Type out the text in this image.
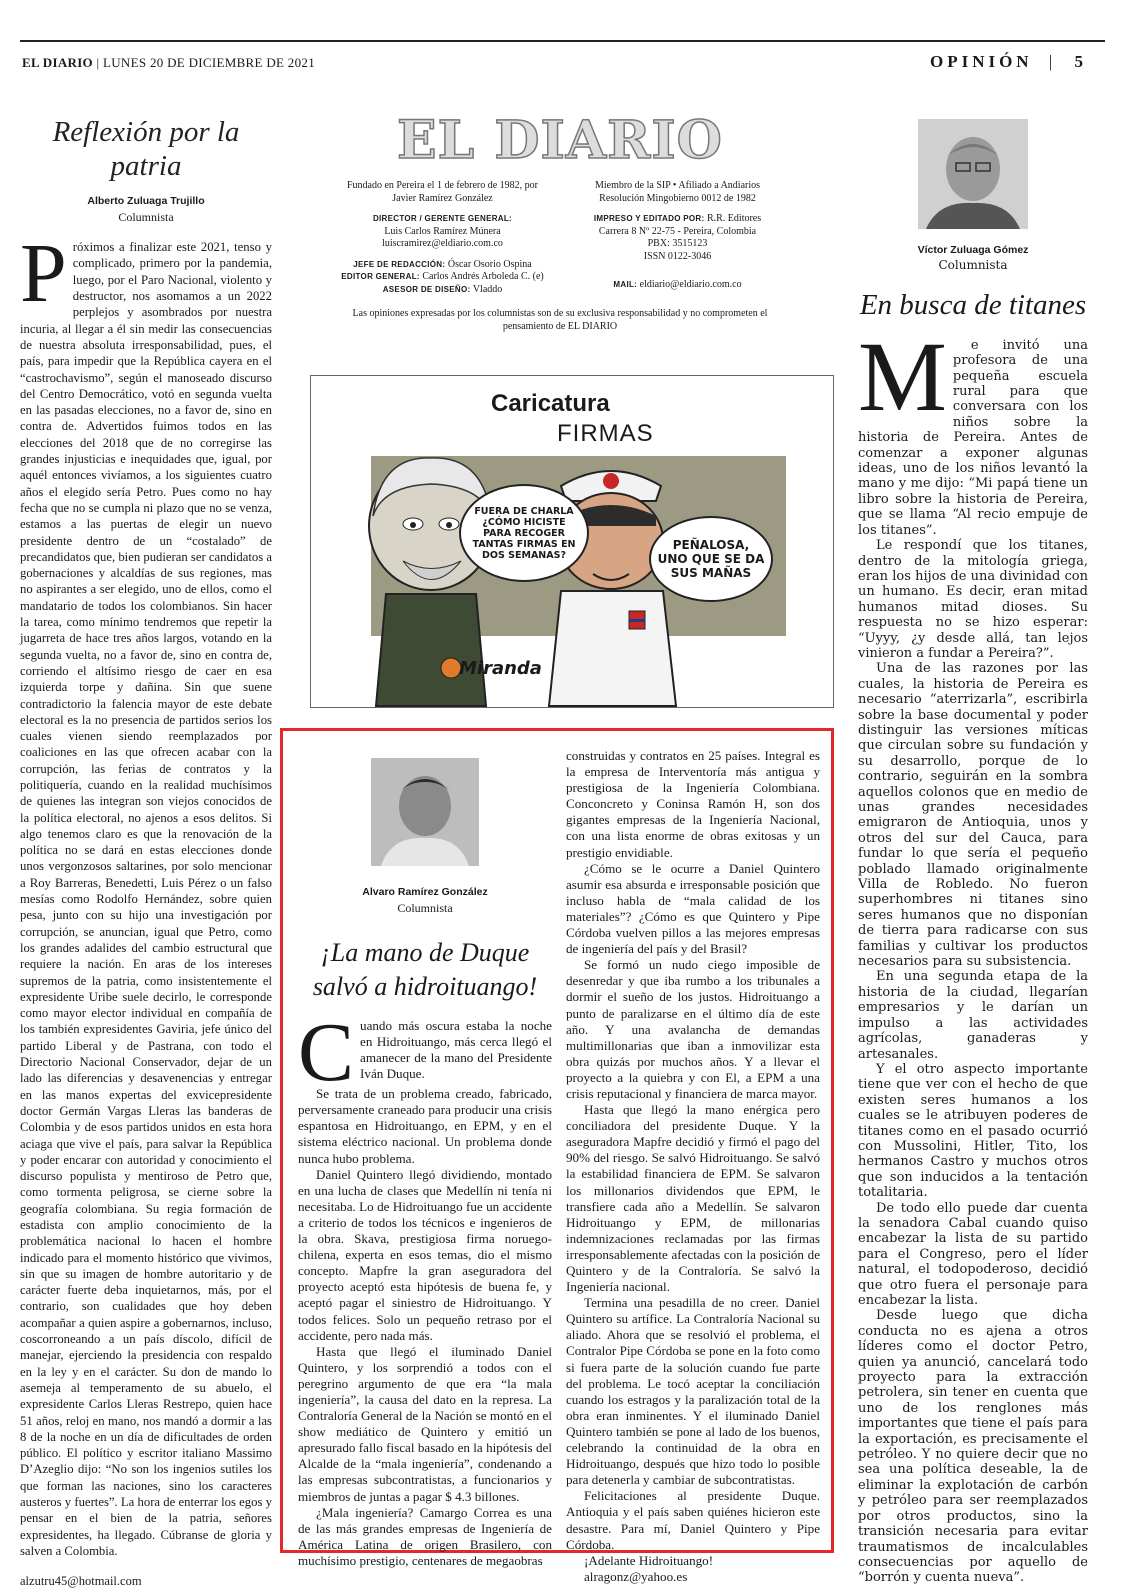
EL DIARIO | LUNES 20 DE DICIEMBRE DE 2021	OPINIÓN | 5
Reflexión por la patria
Alberto Zuluaga Trujillo
Columnista
P róximos a finalizar este 2021, tenso y complicado, primero por la pandemia, luego, por el Paro Nacional, violento y destructor, nos asomamos a un 2022 perplejos y asombrados por nuestra incuria, al llegar a él sin medir las consecuencias de nuestra absoluta irresponsabilidad, pues, el país, para impedir que la República cayera en el “castrochavismo”, según el manoseado discurso del Centro Democrático, votó en segunda vuelta en las pasadas elecciones, no a favor de, sino en contra de. Advertidos fuimos todos en las elecciones del 2018 que de no corregirse las grandes injusticias e inequidades que, igual, por aquél entonces vivíamos, a los siguientes cuatro años el elegido sería Petro. Pues como no hay fecha que no se cumpla ni plazo que no se venza, estamos a las puertas de elegir un nuevo presidente dentro de un “costalado” de precandidatos que, bien pudieran ser candidatos a gobernaciones y alcaldías de sus regiones, mas no aspirantes a ser elegido, uno de ellos, como el mandatario de todos los colombianos. Sin hacer la tarea, como mínimo tendremos que repetir la jugarreta de hace tres años largos, votando en la segunda vuelta, no a favor de, sino en contra de, corriendo el altísimo riesgo de caer en esa izquierda torpe y dañina. Sin que suene contradictorio la falencia mayor de este debate electoral es la no presencia de partidos serios los cuales vienen siendo reemplazados por coaliciones en las que ofrecen acabar con la corrupción, las ferias de contratos y la politiquería, cuando en la realidad muchísimos de quienes las integran son viejos conocidos de la política electoral, no ajenos a esos delitos. Si algo tenemos claro es que la renovación de la política no se dará en estas elecciones donde unos vergonzosos saltarines, por solo mencionar a Roy Barreras, Benedetti, Luis Pérez o un falso mesías como Rodolfo Hernández, sobre quien pesa, junto con su hijo una investigación por corrupción, se anuncian, igual que Petro, como los grandes adalides del cambio estructural que requiere la nación. En aras de los intereses supremos de la patria, como insistentemente el expresidente Uribe suele decirlo, le corresponde como mayor elector individual en compañía de los también expresidentes Gaviria, jefe único del partido Liberal y de Pastrana, con todo el Directorio Nacional Conservador, dejar de un lado las diferencias y desavenencias y entregar en las manos expertas del exvicepresidente doctor Germán Vargas Lleras las banderas de Colombia y de esos partidos unidos en esta hora aciaga que vive el país, para salvar la República y poder encarar con autoridad y conocimiento el discurso populista y mentiroso de Petro que, como tormenta peligrosa, se cierne sobre la geografía colombiana. Su regia formación de estadista con amplio conocimiento de la problemática nacional lo hacen el hombre indicado para el momento histórico que vivimos, sin que su imagen de hombre autoritario y de carácter fuerte deba inquietarnos, más, por el contrario, son cualidades que hoy deben acompañar a quien aspire a gobernarnos, incluso, coscorroneando a un país díscolo, difícil de manejar, ejerciendo la presidencia con respaldo en la ley y en el carácter. Su don de mando lo asemeja al temperamento de su abuelo, el expresidente Carlos Lleras Restrepo, quien hace 51 años, reloj en mano, nos mandó a dormir a las 8 de la noche en un día de dificultades de orden público. El político y escritor italiano Massimo D’Azeglio dijo: “No son los ingenios sutiles los que forman las naciones, sino los caracteres austeros y fuertes”. La hora de enterrar los egos y pensar en el bien de la patria, señores expresidentes, ha llegado. Cúbranse de gloria y salven a Colombia.

alzutru45@hotmail.com
EL DIARIO
Fundado en Pereira el 1 de febrero de 1982, por Javier Ramírez González
DIRECTOR / GERENTE GENERAL:
Luis Carlos Ramírez Múnera
luiscramirez@eldiario.com.co
JEFE DE REDACCIÓN: Óscar Osorio Ospina
EDITOR GENERAL: Carlos Andrés Arboleda C. (e)
ASESOR DE DISEÑO: Vladdo
Miembro de la SIP • Afiliado a Andiarios Resolución Mingobierno 0012 de 1982
IMPRESO Y EDITADO POR: R.R. Editores
Carrera 8 Nº 22-75 - Pereira, Colombia
PBX: 3515123
ISSN 0122-3046
MAIL: eldiario@eldiario.com.co
Las opiniones expresadas por los columnistas son de su exclusiva responsabilidad y no comprometen el pensamiento de EL DIARIO
Caricatura
FIRMAS
FUERA DE CHARLA ¿CÓMO HICISTE PARA RECOGER TANTAS FIRMAS EN DOS SEMANAS?
PEÑALOSA, UNO QUE SE DA SUS MAÑAS
Miranda
Alvaro Ramírez González
Columnista
¡La mano de Duque salvó a hidroituango!
C uando más oscura estaba la noche en Hidroituango, más cerca llegó el amanecer de la mano del Presidente Iván Duque.

Se trata de un problema creado, fabricado, perversamente craneado para producir una crisis espantosa en Hidroituango, en EPM, y en el sistema eléctrico nacional. Un problema donde nunca hubo problema.

Daniel Quintero llegó dividiendo, montado en una lucha de clases que Medellín ni tenía ni necesitaba. Lo de Hidroituango fue un accidente a criterio de todos los técnicos e ingenieros de la obra. Skava, prestigiosa firma noruego- chilena, experta en esos temas, dio el mismo concepto. Mapfre la gran aseguradora del proyecto aceptó esta hipótesis de buena fe, y aceptó pagar el siniestro de Hidroituango. Y todos felices. Solo un pequeño retraso por el accidente, pero nada más.

Hasta que llegó el iluminado Daniel Quintero, y los sorprendió a todos con el peregrino argumento de que era “la mala ingeniería”, la causa del dato en la represa. La Contraloría General de la Nación se montó en el show mediático de Quintero y emitió un apresurado fallo fiscal basado en la hipótesis del Alcalde de la “mala ingeniería”, condenando a las empresas subcontratistas, a funcionarios y miembros de juntas a pagar $ 4.3 billones.

¿Mala ingeniería? Camargo Correa es una de las más grandes empresas de Ingeniería de América Latina de origen Brasilero, con muchísimo prestigio, centenares de megaobras

construidas y contratos en 25 países. Integral es la empresa de Interventoría más antigua y prestigiosa de la Ingeniería Colombiana. Conconcreto y Coninsa Ramón H, son dos gigantes empresas de la Ingeniería Nacional, con una lista enorme de obras exitosas y un prestigio envidiable.

¿Cómo se le ocurre a Daniel Quintero asumir esa absurda e irresponsable posición que incluso habla de “mala calidad de los materiales”? ¿Cómo es que Quintero y Pipe Córdoba vuelven pillos a las mejores empresas de ingeniería del país y del Brasil?

Se formó un nudo ciego imposible de desenredar y que iba rumbo a los tribunales a dormir el sueño de los justos. Hidroituango a punto de paralizarse en el último día de este año. Y una avalancha de demandas multimillonarias que iban a inmovilizar esta obra quizás por muchos años. Y a llevar el proyecto a la quiebra y con El, a EPM a una crisis reputacional y financiera de marca mayor.

Hasta que llegó la mano enérgica pero conciliadora del presidente Duque. Y la aseguradora Mapfre decidió y firmó el pago del 90% del riesgo. Se salvó Hidroituango. Se salvó la estabilidad financiera de EPM. Se salvaron los millonarios dividendos que EPM, le transfiere cada año a Medellín. Se salvaron Hidroituango y EPM, de millonarias indemnizaciones reclamadas por las firmas irresponsablemente afectadas con la posición de Quintero y de la Contraloría. Se salvó la Ingeniería nacional.

Termina una pesadilla de no creer. Daniel Quintero su artífice. La Contraloría Nacional su aliado. Ahora que se resolvió el problema, el Contralor Pipe Córdoba se pone en la foto como si fuera parte de la solución cuando fue parte del problema. Le tocó aceptar la conciliación cuando los estragos y la paralización total de la obra eran inminentes. Y el iluminado Daniel Quintero también se pone al lado de los buenos, celebrando la continuidad de la obra en Hidroituango, después que hizo todo lo posible para detenerla y cambiar de subcontratistas.

Felicitaciones al presidente Duque. Antioquia y el país saben quiénes hicieron este desastre. Para mí, Daniel Quintero y Pipe Córdoba.

¡Adelante Hidroituango!

alragonz@yahoo.es

Víctor Zuluaga Gómez
Columnista
En busca de titanes
M	e invitó una profesora de una pequeña escuela rural para que conversara con los niños sobre la historia de Pereira. Antes de comenzar a exponer algunas ideas, uno de los niños levantó la mano y me dijo: “Mi papá tiene un libro sobre la historia de Pereira, que se llama “Al recio empuje de los titanes”.

Le respondí que los titanes, dentro de la mitología griega, eran los hijos de una divinidad con un humano. Es decir, eran mitad humanos mitad dioses. Su respuesta no se hizo esperar: “Uyyy, ¿y desde allá, tan lejos vinieron a fundar a Pereira?”.

Una de las razones por las cuales, la historia de Pereira es necesario “aterrizarla”, escribirla sobre la base documental y poder distinguir las versiones míticas que circulan sobre su fundación y su desarrollo, porque de lo contrario, seguirán en la sombra aquellos colonos que en medio de unas grandes necesidades emigraron de Antioquia, unos y otros del sur del Cauca, para fundar lo que sería el pequeño poblado llamado originalmente Villa de Robledo. No fueron superhombres ni titanes sino seres humanos que no disponían de tierra para radicarse con sus familias y cultivar los productos necesarios para su subsistencia.

En una segunda etapa de la historia de la ciudad, llegarían empresarios y le darían un impulso a las actividades agrícolas, ganaderas y artesanales.

Y el otro aspecto importante tiene que ver con el hecho de que existen seres humanos a los cuales se le atribuyen poderes de titanes como en el pasado ocurrió con Mussolini, Hitler, Tito, los hermanos Castro y muchos otros que son inducidos a la tentación totalitaria.

De todo ello puede dar cuenta la senadora Cabal cuando quiso encabezar la lista de su partido para el Congreso, pero el líder natural, el todopoderoso, decidió que otro fuera el personaje para encabezar la lista.

Desde luego que dicha conducta no es ajena a otros líderes como el doctor Petro, quien ya anunció, cancelará todo proyecto para la extracción petrolera, sin tener en cuenta que uno de los renglones más importantes que tiene el país para la exportación, es precisamente el petróleo. Y no quiere decir que no sea una política deseable, la de eliminar la explotación de carbón y petróleo para ser reemplazados por otros productos, sino la transición necesaria para evitar traumatismos de incalculables consecuencias por aquello de “borrón y cuenta nueva”.
